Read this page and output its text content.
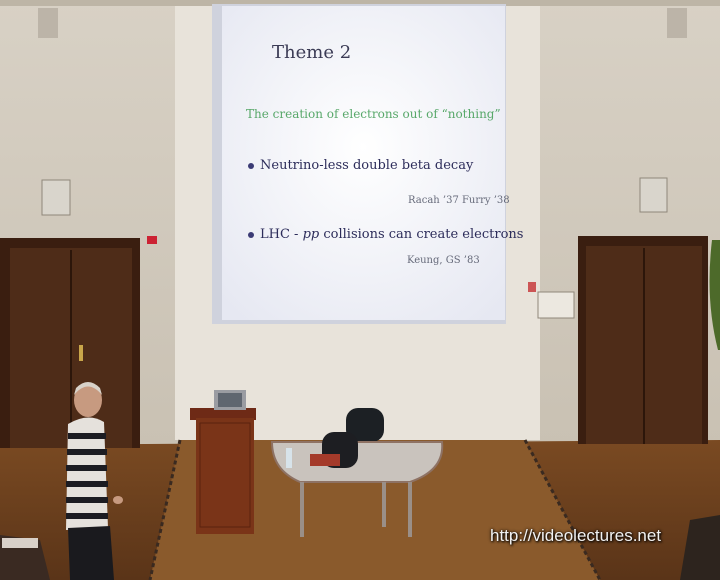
Theme 2
The creation of electrons out of “nothing”
Neutrino-less double beta decay
Racah ’37 Furry ’38
LHC - pp collisions can create electrons
Keung, GS ’83
http://videolectures.net
